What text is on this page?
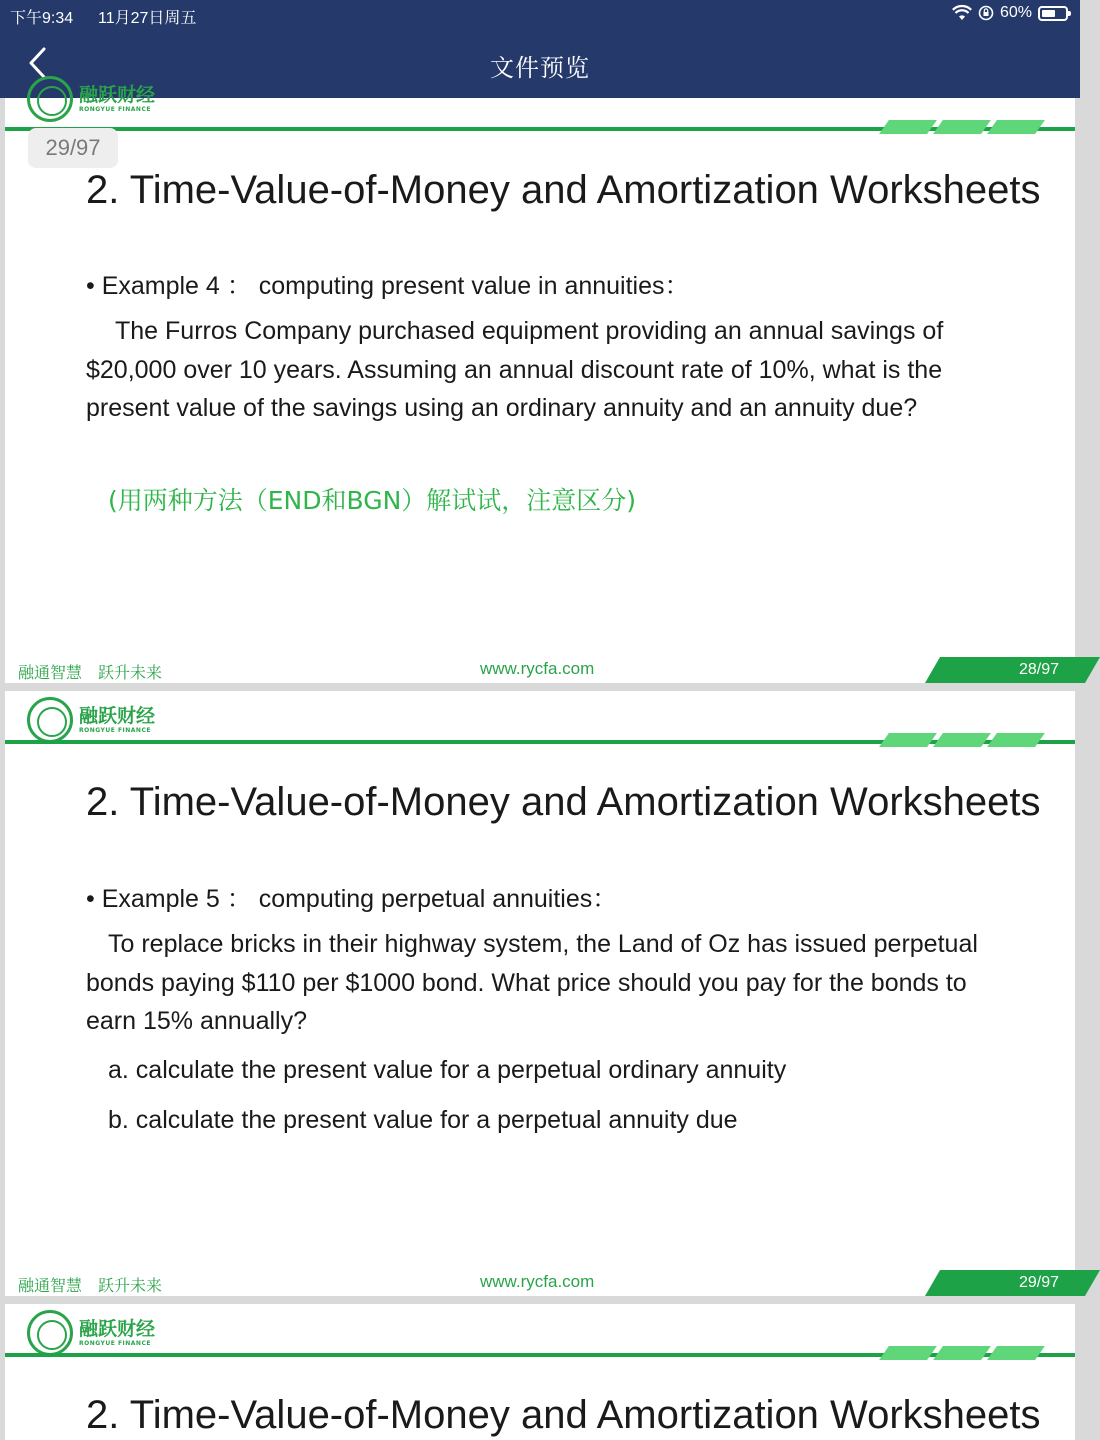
下午9:34 11月27日周五	60%
文件预览
融跃财经
RONGYUE FINANCE
2. Time-Value-of-Money and Amortization Worksheets
• Example 4 ： computing present value in annuities：
The Furros Company purchased equipment providing an annual savings of $20,000 over 10 years. Assuming an annual discount rate of 10%, what is the present value of the savings using an ordinary annuity and an annuity due?
(用两种方法（END和BGN）解试试，注意区分)
融通智慧　跃升未来	www.rycfa.com	28/97
融跃财经
RONGYUE FINANCE
2. Time-Value-of-Money and Amortization Worksheets
• Example 5 ： computing perpetual annuities：
To replace bricks in their highway system, the Land of Oz has issued perpetual bonds paying $110 per $1000 bond. What price should you pay for the bonds to earn 15% annually?
a. calculate the present value for a perpetual ordinary annuity
b. calculate the present value for a perpetual annuity due
融通智慧　跃升未来	www.rycfa.com	29/97
融跃财经
RONGYUE FINANCE
2. Time-Value-of-Money and Amortization Worksheets
29/97
